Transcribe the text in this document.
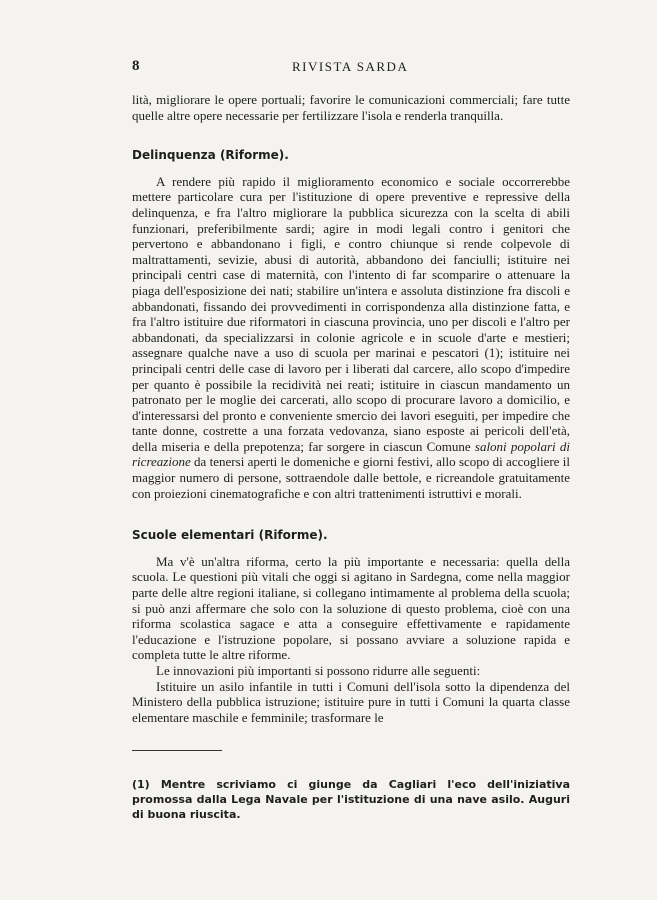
8	RIVISTA SARDA

lità, migliorare le opere portuali; favorire le comunicazioni commerciali; fare tutte quelle altre opere necessarie per fertilizzare l'isola e renderla tranquilla.

Delinquenza (Riforme).

A rendere più rapido il miglioramento economico e sociale occorrerebbe mettere particolare cura per l'istituzione di opere preventive e repressive della delinquenza, e fra l'altro migliorare la pubblica sicurezza con la scelta di abili funzionari, preferibilmente sardi; agire in modi legali contro i genitori che pervertono e abbandonano i figli, e contro chiunque si rende colpevole di maltrattamenti, sevizie, abusi di autorità, abbandono dei fanciulli; istituire nei principali centri case di maternità, con l'intento di far scomparire o attenuare la piaga dell'esposizione dei nati; stabilire un'intera e assoluta distinzione fra discoli e abbandonati, fissando dei provvedimenti in corrispondenza alla distinzione fatta, e fra l'altro istituire due riformatori in ciascuna provincia, uno per discoli e l'altro per abbandonati, da specializzarsi in colonie agricole e in scuole d'arte e mestieri; assegnare qualche nave a uso di scuola per marinai e pescatori (1); istituire nei principali centri delle case di lavoro per i liberati dal carcere, allo scopo d'impedire per quanto è possibile la recidività nei reati; istituire in ciascun mandamento un patronato per le moglie dei carcerati, allo scopo di procurare lavoro a domicilio, e d'interessarsi del pronto e conveniente smercio dei lavori eseguiti, per impedire che tante donne, costrette a una forzata vedovanza, siano esposte ai pericoli dell'età, della miseria e della prepotenza; far sorgere in ciascun Comune saloni popolari di ricreazione da tenersi aperti le domeniche e giorni festivi, allo scopo di accogliere il maggior numero di persone, sottraendole dalle bettole, e ricreandole gratuitamente con proiezioni cinematografiche e con altri trattenimenti istruttivi e morali.

Scuole elementari (Riforme).

Ma v'è un'altra riforma, certo la più importante e necessaria: quella della scuola. Le questioni più vitali che oggi si agitano in Sardegna, come nella maggior parte delle altre regioni italiane, si collegano intimamente al problema della scuola; si può anzi affermare che solo con la soluzione di questo problema, cioè con una riforma scolastica sagace e atta a conseguire effettivamente e rapidamente l'educazione e l'istruzione popolare, si possano avviare a soluzione rapida e completa tutte le altre riforme.

Le innovazioni più importanti si possono ridurre alle seguenti:

Istituire un asilo infantile in tutti i Comuni dell'isola sotto la dipendenza del Ministero della pubblica istruzione; istituire pure in tutti i Comuni la quarta classe elementare maschile e femminile; trasformare le

(1) Mentre scriviamo ci giunge da Cagliari l'eco dell'iniziativa promossa dalla Lega Navale per l'istituzione di una nave asilo. Auguri di buona riuscita.
